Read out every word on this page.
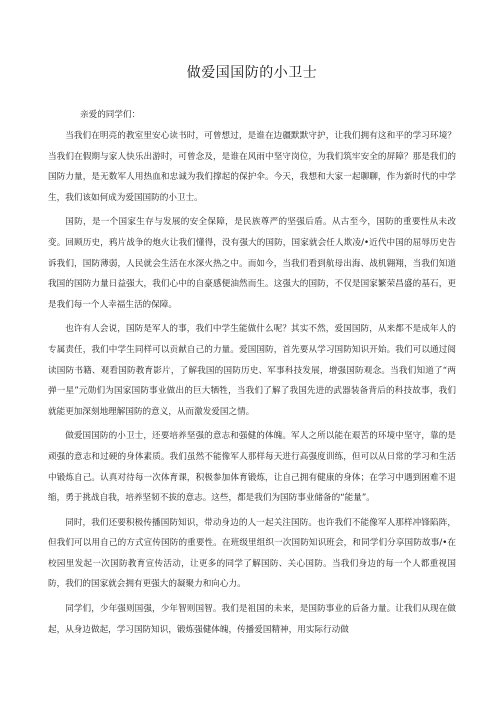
做爱国国防的小卫士

亲爱的同学们：

当我们在明亮的教室里安心读书时，可曾想过，是谁在边疆默默守护，让我们拥有这和平的学习环境？当我们在假期与家人快乐出游时，可曾念及，是谁在风雨中坚守岗位，为我们筑牢安全的屏障？那是我们的国防力量，是无数军人用热血和忠诚为我们撑起的保护伞。今天，我想和大家一起聊聊，作为新时代的中学生，我们该如何成为爱国国防的小卫士。

国防，是一个国家生存与发展的安全保障，是民族尊严的坚强后盾。从古至今，国防的重要性从未改变。回顾历史，鸦片战争的炮火让我们懂得，没有强大的国防，国家就会任人欺凌/•近代中国的屈辱历史告诉我们，国防薄弱，人民就会生活在水深火热之中。而如今，当我们看到航母出海、战机翱翔，当我们知道我国的国防力量日益强大，我们心中的自豪感便油然而生。这强大的国防，不仅是国家繁荣昌盛的基石，更是我们每一个人幸福生活的保障。

也许有人会说，国防是军人的事，我们中学生能做什么呢？其实不然，爱国国防，从来都不是成年人的专属责任，我们中学生同样可以贡献自己的力量。爱国国防，首先要从学习国防知识开始。我们可以通过阅读国防书籍、观看国防教育影片，了解我国的国防历史、军事科技发展，增强国防观念。当我们知道了“两弹一星”元勋们为国家国防事业做出的巨大牺牲，当我们了解了我国先进的武器装备背后的科技故事，我们就能更加深刻地理解国防的意义，从而激发爱国之情。

做爱国国防的小卫士，还要培养坚强的意志和强健的体魄。军人之所以能在艰苦的环境中坚守，靠的是顽强的意志和过硬的身体素质。我们虽然不能像军人那样每天进行高强度训练，但可以从日常的学习和生活中锻炼自己。认真对待每一次体育课，积极参加体育锻炼，让自己拥有健康的身体；在学习中遇到困难不退缩，勇于挑战自我，培养坚韧不拔的意志。这些，都是我们为国防事业储备的“能量”。

同时，我们还要积极传播国防知识，带动身边的人一起关注国防。也许我们不能像军人那样冲锋陷阵，但我们可以用自己的方式宣传国防的重要性。在班级里组织一次国防知识班会，和同学们分享国防故事/•在校园里发起一次国防教育宣传活动，让更多的同学了解国防、关心国防。当我们身边的每一个人都重视国防，我们的国家就会拥有更强大的凝聚力和向心力。

同学们，少年强则国强，少年智则国智。我们是祖国的未来，是国防事业的后备力量。让我们从现在做起，从身边做起，学习国防知识，锻炼强健体魄，传播爱国精神，用实际行动做
